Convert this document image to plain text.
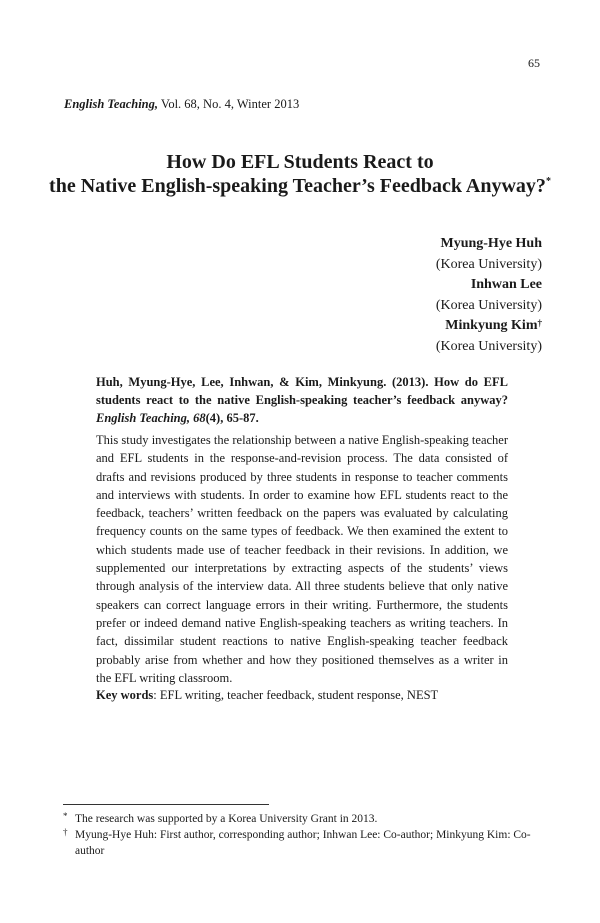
65
English Teaching, Vol. 68, No. 4, Winter 2013
How Do EFL Students React to
the Native English-speaking Teacher’s Feedback Anyway?*
Myung-Hye Huh
(Korea University)
Inhwan Lee
(Korea University)
Minkyung Kim†
(Korea University)
Huh, Myung-Hye, Lee, Inhwan, & Kim, Minkyung. (2013). How do EFL students react to the native English-speaking teacher’s feedback anyway? English Teaching, 68(4), 65-87.
This study investigates the relationship between a native English-speaking teacher and EFL students in the response-and-revision process. The data consisted of drafts and revisions produced by three students in response to teacher comments and interviews with students. In order to examine how EFL students react to the feedback, teachers’ written feedback on the papers was evaluated by calculating frequency counts on the same types of feedback. We then examined the extent to which students made use of teacher feedback in their revisions. In addition, we supplemented our interpretations by extracting aspects of the students’ views through analysis of the interview data. All three students believe that only native speakers can correct language errors in their writing. Furthermore, the students prefer or indeed demand native English-speaking teachers as writing teachers. In fact, dissimilar student reactions to native English-speaking teacher feedback probably arise from whether and how they positioned themselves as a writer in the EFL writing classroom.
Key words: EFL writing, teacher feedback, student response, NEST
* The research was supported by a Korea University Grant in 2013.
† Myung-Hye Huh: First author, corresponding author; Inhwan Lee: Co-author; Minkyung Kim: Co-author
